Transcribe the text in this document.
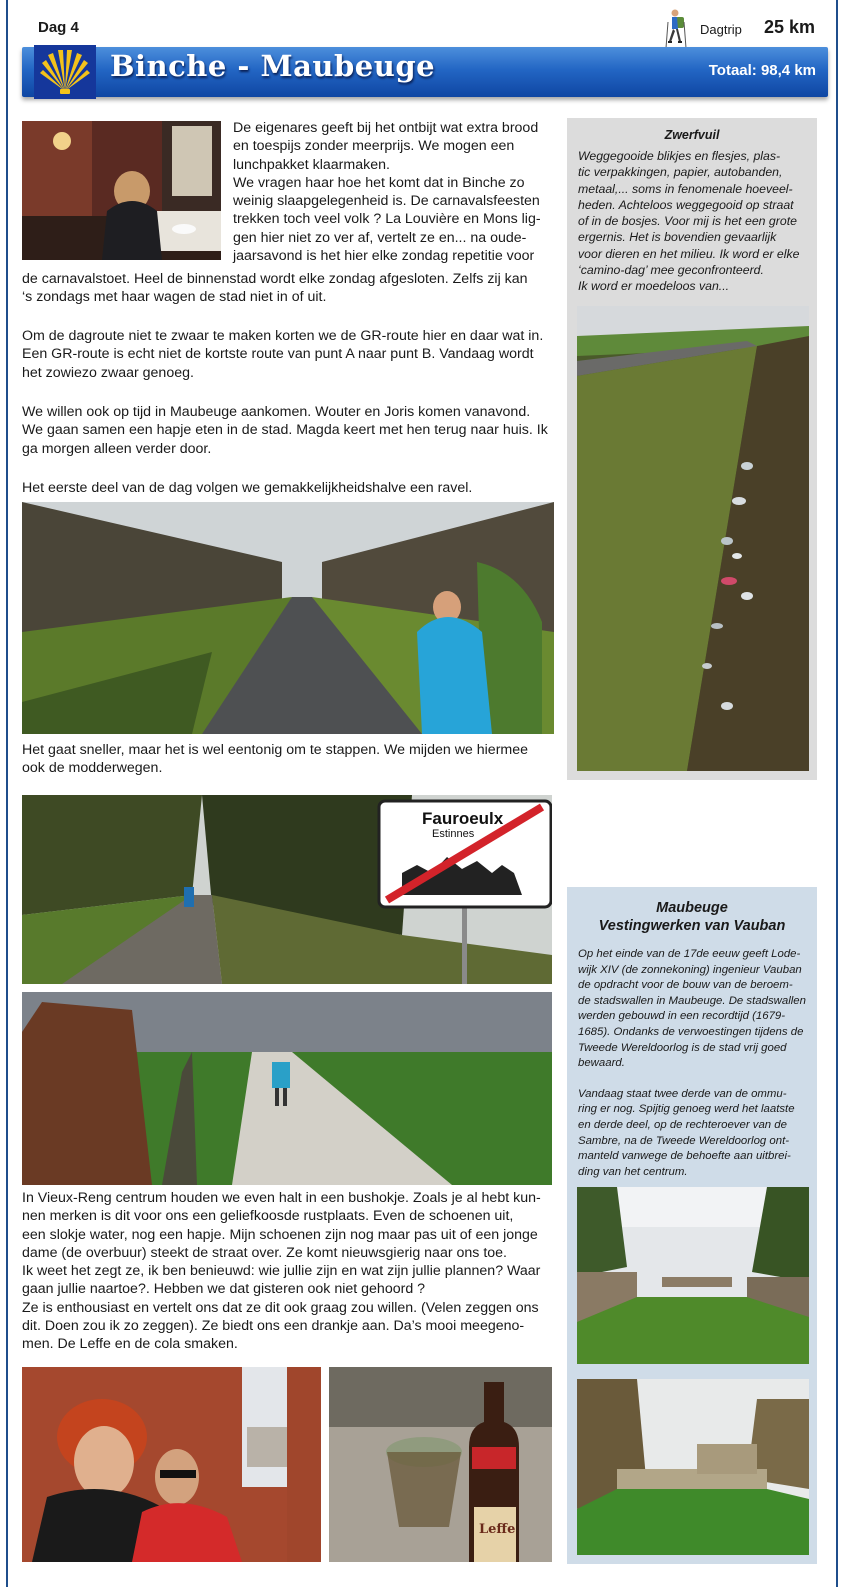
Dag 4	Dagtrip 25 km
Binche - Maubeuge	Totaal: 98,4 km

De eigenares geeft bij het ontbijt wat extra brood

en toespijs zonder meerprijs. We mogen een

lunchpakket klaarmaken.

We vragen haar hoe het komt dat in Binche zo

weinig slaapgelegenheid is. De carnavalsfeesten

trekken toch veel volk ? La Louvière en Mons lig-

gen hier niet zo ver af, vertelt ze en... na oude-

jaarsavond is het hier elke zondag repetitie voor

de carnavalstoet. Heel de binnenstad wordt elke zondag afgesloten. Zelfs zij kan

‘s zondags met haar wagen de stad niet in of uit.

Om de dagroute niet te zwaar te maken korten we de GR-route hier en daar wat in.

Een GR-route is echt niet de kortste route van punt A naar punt B. Vandaag wordt

het zowiezo zwaar genoeg.

We willen ook op tijd in Maubeuge aankomen. Wouter en Joris komen vanavond.

We gaan samen een hapje eten in de stad. Magda keert met hen terug naar huis. Ik

ga morgen alleen verder door.

Het eerste deel van de dag volgen we gemakkelijkheidshalve een ravel.

Het gaat sneller, maar het is wel eentonig om te stappen. We mijden we hiermee

ook de modderwegen.

Fauroeulx
Estinnes

In Vieux-Reng centrum houden we even halt in een bushokje. Zoals je al hebt kun-

nen merken is dit voor ons een geliefkoosde rustplaats. Even de schoenen uit,

een slokje water, nog een hapje. Mijn schoenen zijn nog maar pas uit of een jonge

dame (de overbuur) steekt de straat over. Ze komt nieuwsgierig naar ons toe.

Ik weet het zegt ze, ik ben benieuwd: wie jullie zijn en wat zijn jullie plannen? Waar

gaan jullie naartoe?. Hebben we dat gisteren ook niet gehoord ?

Ze is enthousiast en vertelt ons dat ze dit ook graag zou willen. (Velen zeggen ons

dit. Doen zou ik zo zeggen). Ze biedt ons een drankje aan. Da’s mooi meegeno-

men. De Leffe en de cola smaken.

Leffe
Zwerfvuil
Weggegooide blikjes en flesjes, plas-
tic verpakkingen, papier, autobanden,
metaal,... soms in fenomenale hoeveel-
heden. Achteloos weggegooid op straat
of in de bosjes. Voor mij is het een grote
ergernis. Het is bovendien gevaarlijk
voor dieren en het milieu. Ik word er elke
‘camino-dag’ mee geconfronteerd.
Ik word er moedeloos van...
Maubeuge
Vestingwerken van Vauban
Op het einde van de 17de eeuw geeft Lode-
wijk XIV (de zonnekoning) ingenieur Vauban
de opdracht voor de bouw van de beroem-
de stadswallen in Maubeuge. De stadswallen
werden gebouwd in een recordtijd (1679-
1685). Ondanks de verwoestingen tijdens de
Tweede Wereldoorlog is de stad vrij goed
bewaard.
Vandaag staat twee derde van de ommu-
ring er nog. Spijtig genoeg werd het laatste
en derde deel, op de rechteroever van de
Sambre, na de Tweede Wereldoorlog ont-
manteld vanwege de behoefte aan uitbrei-
ding van het centrum.
